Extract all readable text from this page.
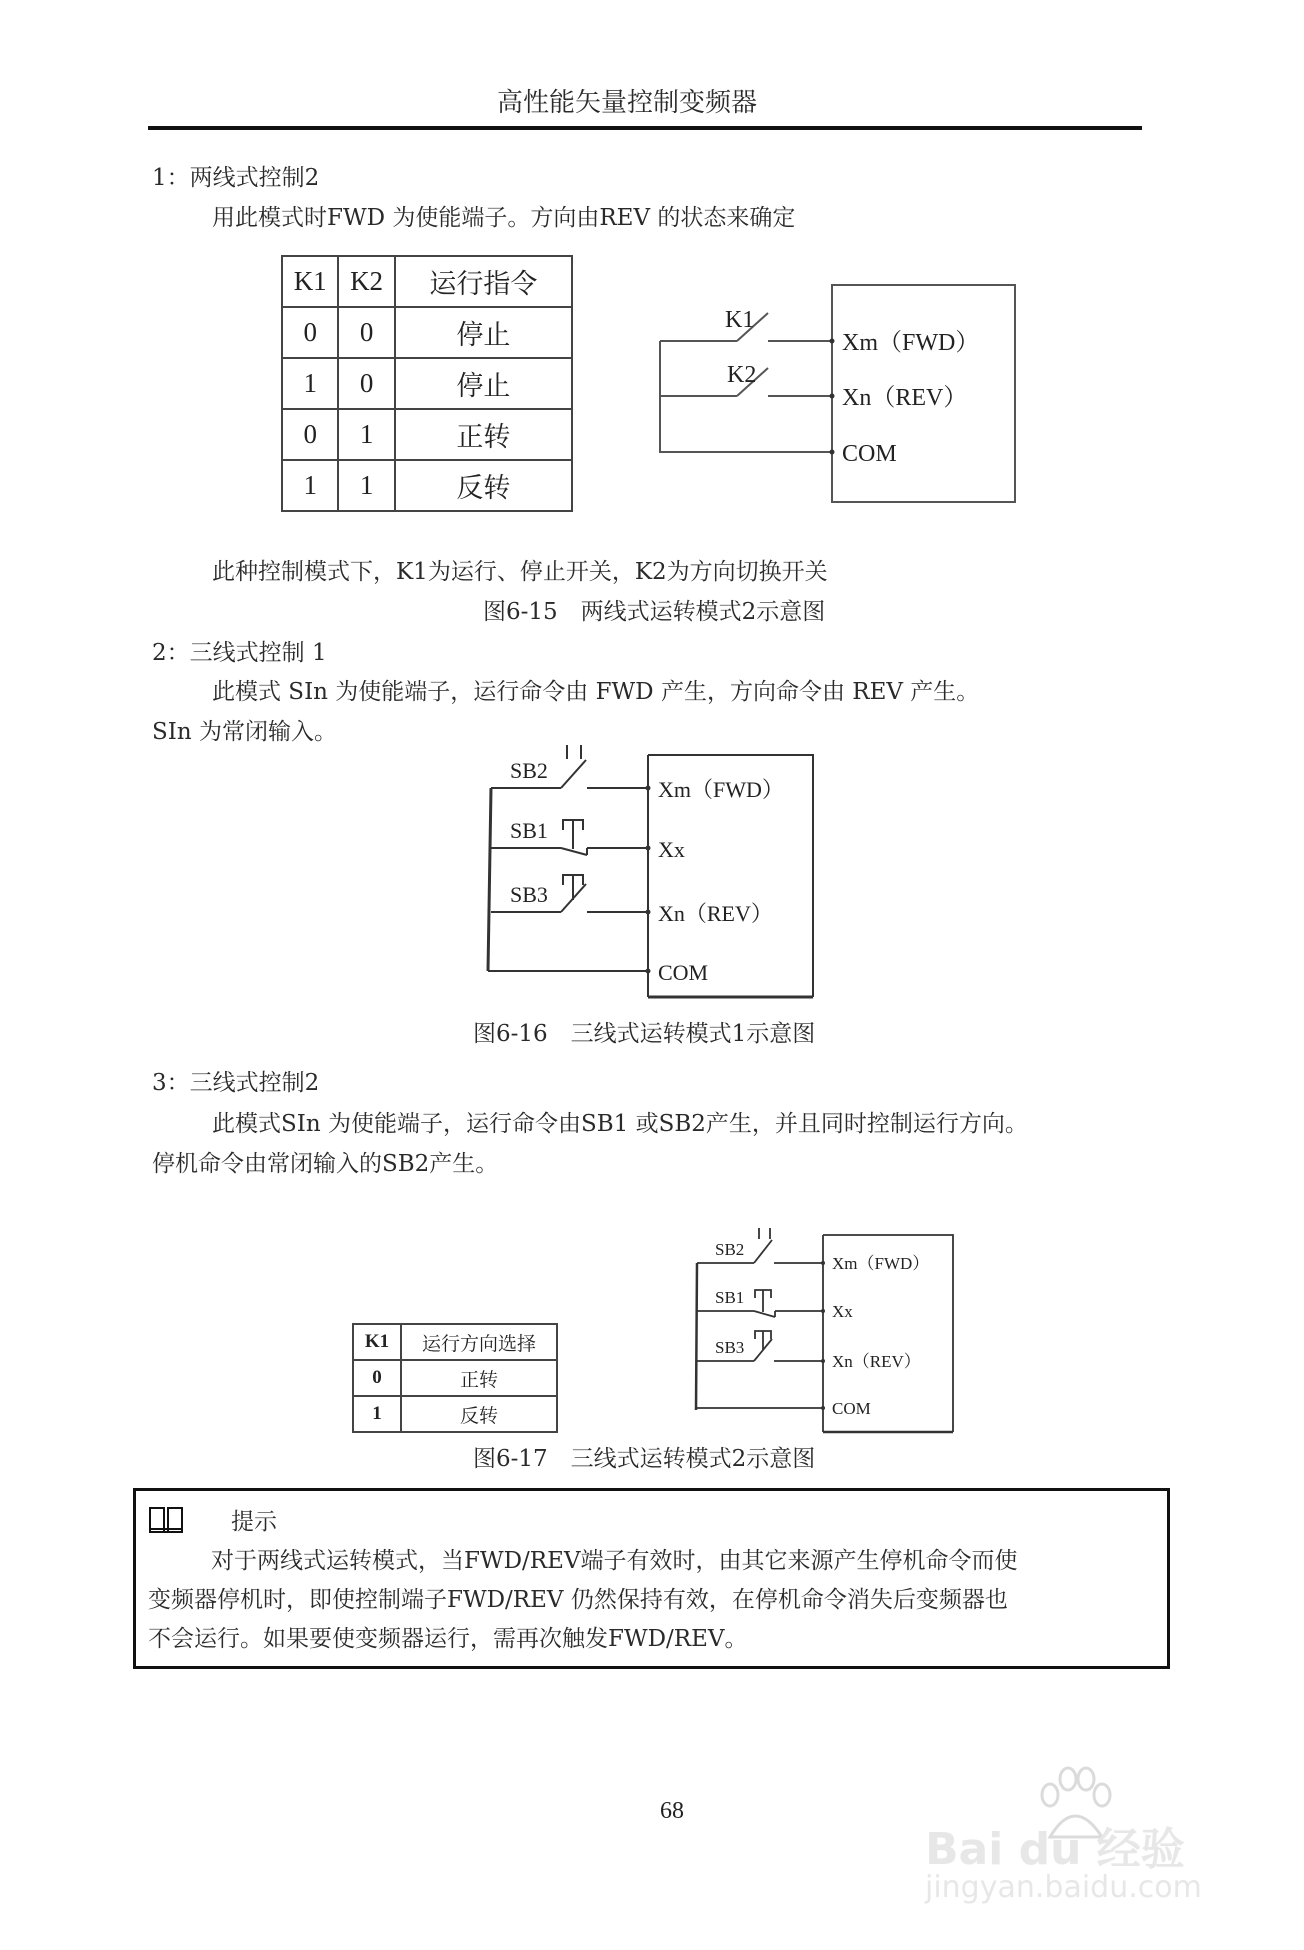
高性能矢量控制变频器
1：两线式控制2
用此模式时FWD 为使能端子。方向由REV 的状态来确定
K1	K2	运行指令
0	0	停止
1	0	停止
0	1	正转
1	1	反转
K1
K2
Xm（FWD）
Xn（REV）
COM
此种控制模式下，K1为运行、停止开关，K2为方向切换开关
图6-15　两线式运转模式2示意图
2：三线式控制 1
此模式 SIn 为使能端子，运行命令由 FWD 产生，方向命令由 REV 产生。
SIn 为常闭输入。
SB2
SB1
SB3
Xm（FWD）
Xx
Xn（REV）
COM
图6-16　三线式运转模式1示意图
3：三线式控制2
此模式SIn 为使能端子，运行命令由SB1 或SB2产生，并且同时控制运行方向。
停机命令由常闭输入的SB2产生。
SB2
SB1
SB3
Xm（FWD）
Xx
Xn（REV）
COM
K1	运行方向选择
0	正转
1	反转
图6-17　三线式运转模式2示意图
提示
对于两线式运转模式，当FWD/REV端子有效时，由其它来源产生停机命令而使
变频器停机时，即使控制端子FWD/REV 仍然保持有效，在停机命令消失后变频器也
不会运行。如果要使变频器运行，需再次触发FWD/REV。
68
Bai du 经验
jingyan.baidu.com
